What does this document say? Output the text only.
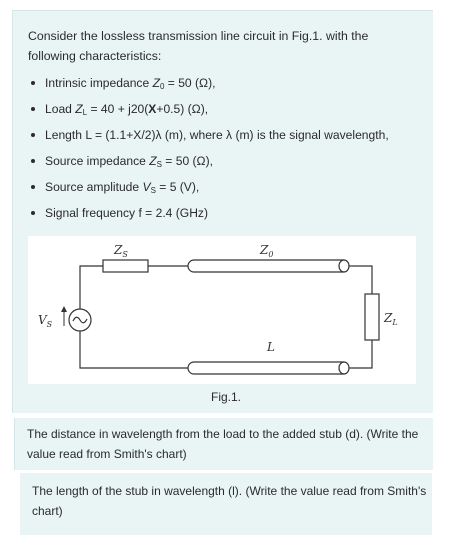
Consider the lossless transmission line circuit in Fig.1. with the following characteristics:

Intrinsic impedance Z0 = 50 (Ω),
Load ZL = 40 + j20(X+0.5) (Ω),
Length L = (1.1+X/2)λ (m), where λ (m) is the signal wavelength,
Source impedance ZS = 50 (Ω),
Source amplitude VS = 5 (V),
Signal frequency f = 2.4 (GHz)
$Z_S$	$Z_0$
$V_S$	$Z_L$
L
Fig.1.

The distance in wavelength from the load to the added stub (d). (Write the value read from Smith's chart)

The length of the stub in wavelength (l). (Write the value read from Smith's chart)
